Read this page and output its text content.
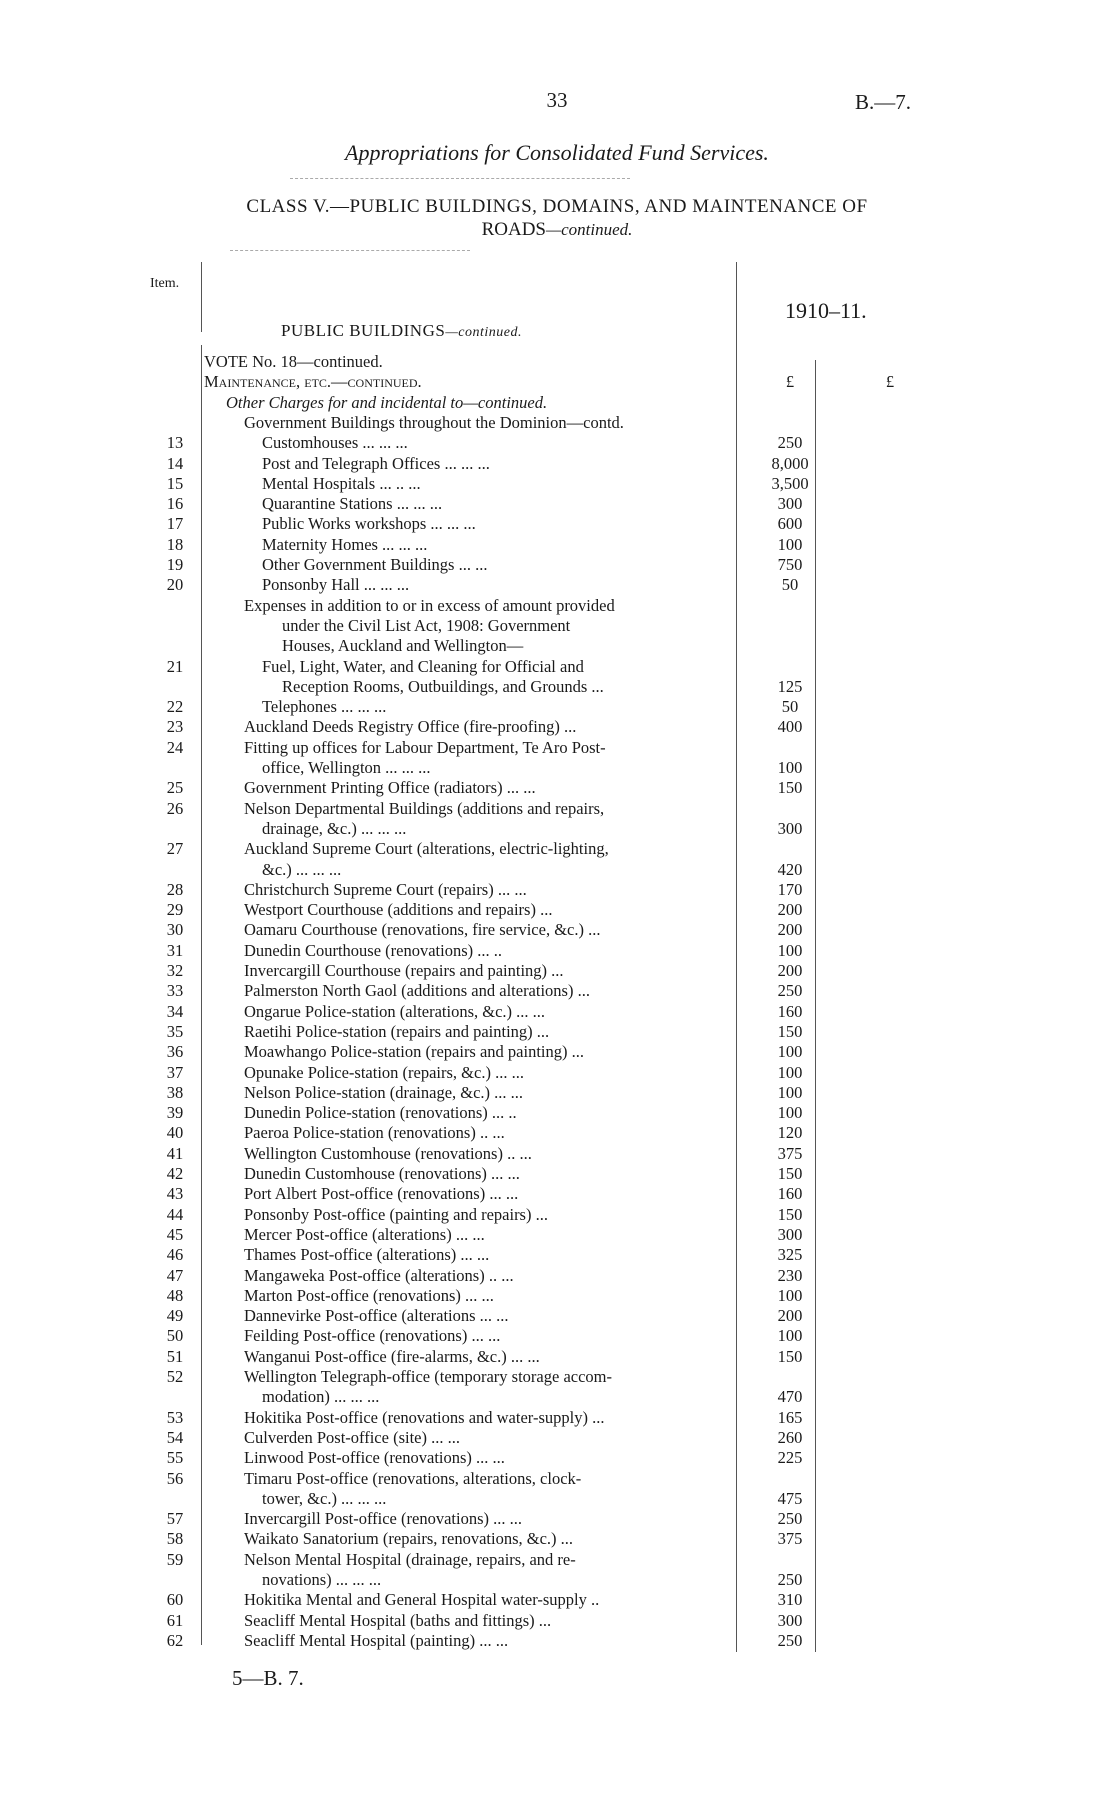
33	B.—7.
Appropriations for Consolidated Fund Services.
CLASS V.—PUBLIC BUILDINGS, DOMAINS, AND MAINTENANCE OF
ROADS—continued.
Item.
1910–11.
PUBLIC BUILDINGS—continued.
VOTE No. 18—continued.
Maintenance, etc.—continued.	£	£
Other Charges for and incidental to—continued.
Government Buildings throughout the Dominion—contd.
13	Customhouses ... ... ...	250
14	Post and Telegraph Offices ... ... ...	8,000
15	Mental Hospitals ... .. ...	3,500
16	Quarantine Stations ... ... ...	300
17	Public Works workshops ... ... ...	600
18	Maternity Homes ... ... ...	100
19	Other Government Buildings ... ...	750
20	Ponsonby Hall ... ... ...	50
Expenses in addition to or in excess of amount provided
under the Civil List Act, 1908: Government
Houses, Auckland and Wellington—
21	Fuel, Light, Water, and Cleaning for Official and
Reception Rooms, Outbuildings, and Grounds ...	125
22	Telephones ... ... ...	50
23	Auckland Deeds Registry Office (fire-proofing) ...	400
24	Fitting up offices for Labour Department, Te Aro Post-
office, Wellington ... ... ...	100
25	Government Printing Office (radiators) ... ...	150
26	Nelson Departmental Buildings (additions and repairs,
drainage, &c.) ... ... ...	300
27	Auckland Supreme Court (alterations, electric-lighting,
&c.) ... ... ...	420
28	Christchurch Supreme Court (repairs) ... ...	170
29	Westport Courthouse (additions and repairs) ...	200
30	Oamaru Courthouse (renovations, fire service, &c.) ...	200
31	Dunedin Courthouse (renovations) ... ..	100
32	Invercargill Courthouse (repairs and painting) ...	200
33	Palmerston North Gaol (additions and alterations) ...	250
34	Ongarue Police-station (alterations, &c.) ... ...	160
35	Raetihi Police-station (repairs and painting) ...	150
36	Moawhango Police-station (repairs and painting) ...	100
37	Opunake Police-station (repairs, &c.) ... ...	100
38	Nelson Police-station (drainage, &c.) ... ...	100
39	Dunedin Police-station (renovations) ... ..	100
40	Paeroa Police-station (renovations) .. ...	120
41	Wellington Customhouse (renovations) .. ...	375
42	Dunedin Customhouse (renovations) ... ...	150
43	Port Albert Post-office (renovations) ... ...	160
44	Ponsonby Post-office (painting and repairs) ...	150
45	Mercer Post-office (alterations) ... ...	300
46	Thames Post-office (alterations) ... ...	325
47	Mangaweka Post-office (alterations) .. ...	230
48	Marton Post-office (renovations) ... ...	100
49	Dannevirke Post-office (alterations ... ...	200
50	Feilding Post-office (renovations) ... ...	100
51	Wanganui Post-office (fire-alarms, &c.) ... ...	150
52	Wellington Telegraph-office (temporary storage accom-
modation) ... ... ...	470
53	Hokitika Post-office (renovations and water-supply) ...	165
54	Culverden Post-office (site) ... ...	260
55	Linwood Post-office (renovations) ... ...	225
56	Timaru Post-office (renovations, alterations, clock-
tower, &c.) ... ... ...	475
57	Invercargill Post-office (renovations) ... ...	250
58	Waikato Sanatorium (repairs, renovations, &c.) ...	375
59	Nelson Mental Hospital (drainage, repairs, and re-
novations) ... ... ...	250
60	Hokitika Mental and General Hospital water-supply ..	310
61	Seacliff Mental Hospital (baths and fittings) ...	300
62	Seacliff Mental Hospital (painting) ... ...	250
5—B. 7.
